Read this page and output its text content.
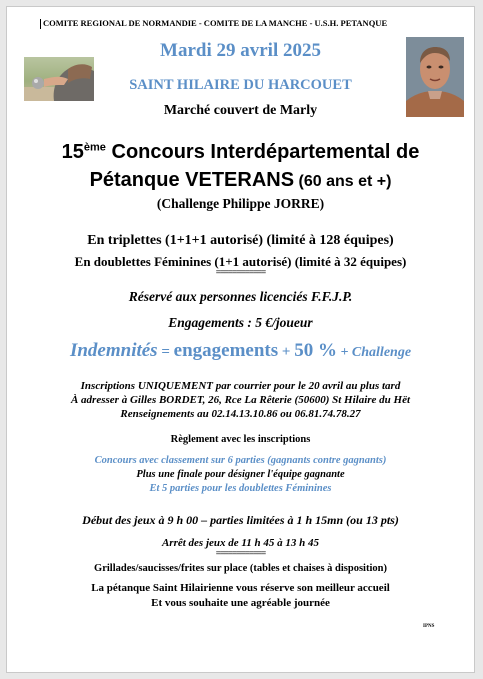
COMITE REGIONAL DE NORMANDIE - COMITE DE LA MANCHE - U.S.H. PETANQUE
Mardi 29 avril 2025
SAINT HILAIRE DU HARCOUET
Marché couvert de Marly
15ème Concours Interdépartemental de
Pétanque VETERANS (60 ans et +)
(Challenge Philippe JORRE)
En triplettes (1+1+1 autorisé) (limité à 128 équipes)
En doublettes Féminines (1+1 autorisé) (limité à 32 équipes)
============
Réservé aux personnes licenciés F.F.J.P.
Engagements : 5 €/joueur
Indemnités = engagements + 50 % + Challenge
Inscriptions UNIQUEMENT par courrier pour le 20 avril au plus tard
À adresser à Gilles BORDET, 26, Rce La Rêterie (50600) St Hilaire du Hët
Renseignements au 02.14.13.10.86 ou 06.81.74.78.27
Règlement avec les inscriptions
Concours avec classement sur 6 parties (gagnants contre gagnants)
Plus une finale pour désigner l'équipe gagnante
Et 5 parties pour les doublettes Féminines
Début des jeux à 9 h 00 – parties limitées à 1 h 15mn (ou 13 pts)
Arrêt des jeux de 11 h 45 à 13 h 45
============
Grillades/saucisses/frites sur place (tables et chaises à disposition)
La pétanque Saint Hilairienne vous réserve son meilleur accueil
Et vous souhaite une agréable journée
IPNS
